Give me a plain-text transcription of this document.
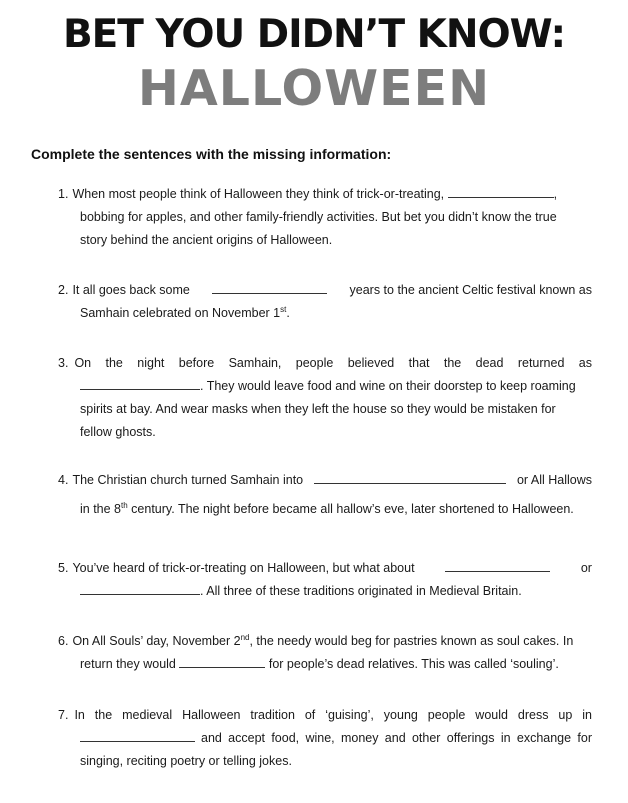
BET YOU DIDN’T KNOW:
HALLOWEEN
Complete the sentences with the missing information:
1. When most people think of Halloween they think of trick-or-treating,	,
bobbing for apples, and other family-friendly activities. But bet you didn’t know the true
story behind the ancient origins of Halloween.
2. It all goes back some	years to the ancient Celtic festival known as
Samhain celebrated on November 1st.
3. On the night before Samhain, people believed that the dead returned as
. They would leave food and wine on their doorstep to keep roaming
spirits at bay. And wear masks when they left the house so they would be mistaken for
fellow ghosts.
4. The Christian church turned Samhain into	or All Hallows
in the 8th century. The night before became all hallow’s eve, later shortened to Halloween.
5. You’ve heard of trick-or-treating on Halloween, but what about	or
. All three of these traditions originated in Medieval Britain.
6. On All Souls’ day, November 2nd, the needy would beg for pastries known as soul cakes. In
return they would	for people’s dead relatives. This was called ‘souling’.
7. In the medieval Halloween tradition of ‘guising’, young people would dress up in
and accept food, wine, money and other offerings in exchange for
singing, reciting poetry or telling jokes.
